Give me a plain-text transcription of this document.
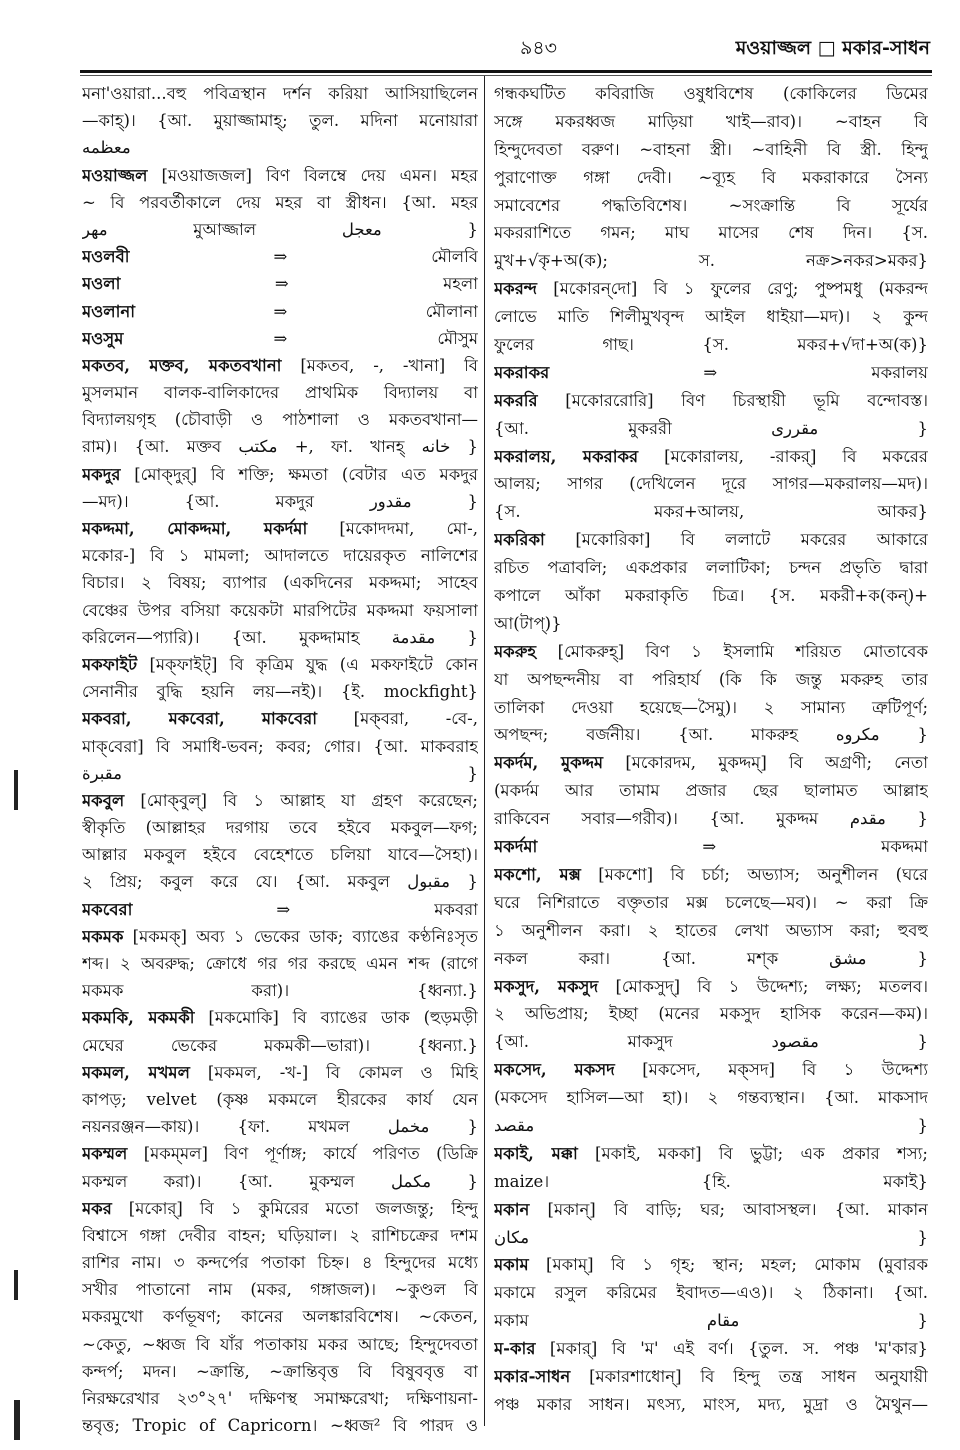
৯৪৩	মওয়াজ্জল □ মকার-সাধন
মনা'ওয়ারা...বহু পবিত্রস্থান দর্শন করিয়া আসিয়াছিলেন
—কাহ্)। {আ. মুয়াজ্জামাহ্; তুল. মদিনা মনোয়ারা
معظمه
মওয়াজ্জল [মওয়াজজল] বিণ বিলম্বে দেয় এমন। মহর
~ বি পরবর্তীকালে দেয় মহর বা স্ত্রীধন। {আ. মহর
مهر মুআজ্জাল معجل }
মওলবী ⇒ মৌলবি
মওলা ⇒ মহলা
মওলানা ⇒ মৌলানা
মওসুম ⇒ মৌসুম
মকতব, মক্তব, মকতবখানা [মকতব, -, -খানা] বি
মুসলমান বালক-বালিকাদের প্রাথমিক বিদ্যালয় বা
বিদ্যালয়গৃহ (চৌবাড়ী ও পাঠশালা ও মকতবখানা—
রাম)। {আ. মক্তব مكتب +, ফা. খানহ্ خانه }
মকদুর [মোক্‌দুর্] বি শক্তি; ক্ষমতা (বেটার এত মকদুর
—মদ)। {আ. মকদুর مقدور }
মকদ্দমা, মোকদ্দমা, মকর্দমা [মকোদদমা, মো-,
মকোর-] বি ১ মামলা; আদালতে দায়েরকৃত নালিশের
বিচার। ২ বিষয়; ব্যাপার (একদিনের মকদ্দমা; সাহেব
বেঞ্চের উপর বসিয়া কয়েকটা মারপিটের মকদ্দমা ফয়সালা
করিলেন—প্যারি)। {আ. মুকদ্দামাহ مقدمة }
মকফাইট [মক্‌ফাইট্] বি কৃত্রিম যুদ্ধ (এ মকফাইটে কোন
সেনানীর বুদ্ধি হয়নি লয়—নই)। {ই. mockfight}
মকবরা, মকবেরা, মাকবেরা [মক্‌বরা, -বে-,
মাক্‌বেরা] বি সমাধি-ভবন; কবর; গোর। {আ. মাকবরাহ
مقبرة }
মকবুল [মোক্‌বুল্] বি ১ আল্লাহ যা গ্রহণ করেছেন;
স্বীকৃতি (আল্লাহর দরগায় তবে হইবে মকবুল—ফগ;
আল্লার মকবুল হইবে বেহেশতে চলিয়া যাবে—সৈহা)।
২ প্রিয়; কবুল করে যে। {আ. মকবুল مقبول }
মকবেরা ⇒ মকবরা
মকমক [মকমক্] অব্য ১ ভেকের ডাক; ব্যাঙের কণ্ঠনিঃসৃত
শব্দ। ২ অবরুদ্ধ; ক্রোধে গর গর করছে এমন শব্দ (রাগে
মকমক করা)। {ধ্বন্যা.}
মকমকি, মকমকী [মকমোকি] বি ব্যাঙের ডাক (হুড়মড়ী
মেঘের ভেকের মকমকী—ভারা)। {ধ্বন্যা.}
মকমল, মখমল [মকমল, -খ-] বি কোমল ও মিহি
কাপড়; velvet (কৃষ্ণ মকমলে হীরকের কার্য যেন
নয়নরঞ্জন—কায়)। {ফা. মখমল مخمل }
মকম্মল [মকম্‌মল] বিণ পূর্ণাঙ্গ; কার্যে পরিণত (ডিক্রি
মকম্মল করা)। {আ. মুকম্মল مكمل }
মকর [মকোর্] বি ১ কুমিরের মতো জলজন্তু; হিন্দু
বিশ্বাসে গঙ্গা দেবীর বাহন; ঘড়িয়াল। ২ রাশিচক্রের দশম
রাশির নাম। ৩ কন্দর্পের পতাকা চিহ্ন। ৪ হিন্দুদের মধ্যে
সখীর পাতানো নাম (মকর, গঙ্গাজল)। ~কুণ্ডল বি
মকরমুখো কর্ণভূষণ; কানের অলঙ্কারবিশেষ। ~কেতন,
~কেতু, ~ধ্বজ বি যাঁর পতাকায় মকর আছে; হিন্দুদেবতা
কন্দর্প; মদন। ~ক্রান্তি, ~ক্রান্তিবৃত্ত বি বিষুববৃত্ত বা
নিরক্ষরেখার ২৩°২৭' দক্ষিণস্থ সমাক্ষরেখা; দক্ষিণায়না-
ন্তবৃত্ত; Tropic of Capricorn। ~ধ্বজ² বি পারদ ও
গন্ধকঘটিত কবিরাজি ওষুধবিশেষ (কোকিলের ডিমের
সঙ্গে মকরধ্বজ মাড়িয়া খাই—রাব)। ~বাহন বি
হিন্দুদেবতা বরুণ। ~বাহনা স্ত্রী। ~বাহিনী বি স্ত্রী. হিন্দু
পুরাণোক্ত গঙ্গা দেবী। ~ব্যূহ বি মকরাকারে সৈন্য
সমাবেশের পদ্ধতিবিশেষ। ~সংক্রান্তি বি সূর্যের
মকররাশিতে গমন; মাঘ মাসের শেষ দিন। {স.
মুখ+√কৃ+অ(ক); স. নক্র>নকর>মকর}
মকরন্দ [মকোরন্‌দো] বি ১ ফুলের রেণু; পুষ্পমধু (মকরন্দ
লোভে মাতি শিলীমুখবৃন্দ আইল ধাইয়া—মদ)। ২ কুন্দ
ফুলের গাছ। {স. মকর+√দা+অ(ক)}
মকরাকর ⇒ মকরালয়
মকররি [মকোররোরি] বিণ চিরস্থায়ী ভূমি বন্দোবস্ত।
{আ. মুকররী مقررى }
মকরালয়, মকরাকর [মকোরালয়, -রাকর্] বি মকরের
আলয়; সাগর (দেখিলেন দূরে সাগর—মকরালয়—মদ)।
{স. মকর+আলয়, আকর}
মকরিকা [মকোরিকা] বি ললাটে মকরের আকারে
রচিত পত্রাবলি; একপ্রকার ললাটিকা; চন্দন প্রভৃতি দ্বারা
কপালে আঁকা মকরাকৃতি চিত্র। {স. মকরী+ক(কন্)+
আ(টাপ্)}
মকরুহ [মোকরুহ্] বিণ ১ ইসলামি শরিয়ত মোতাবেক
যা অপছন্দনীয় বা পরিহার্য (কি কি জন্তু মকরুহ তার
তালিকা দেওয়া হয়েছে—সৈমু)। ২ সামান্য ত্রুটিপূর্ণ;
অপছন্দ; বর্জনীয়। {আ. মাকরুহ مكروه }
মকর্দম, মুকদ্দম [মকোরদম, মুকদ্দম্] বি অগ্রণী; নেতা
(মকর্দম আর তামাম প্রজার ছের ছালামত আল্লাহ
রাকিবেন সবার—গরীব)। {আ. মুকদ্দম مقدم }
মকর্দমা ⇒ মকদ্দমা
মকশো, মক্স [মকশো] বি চর্চা; অভ্যাস; অনুশীলন (ঘরে
ঘরে নিশিরাতে বক্তৃতার মক্স চলেছে—মব)। ~ করা ক্রি
১ অনুশীলন করা। ২ হাতের লেখা অভ্যাস করা; হুবহু
নকল করা। {আ. মশ্‌ক مشق }
মকসুদ, মকসুদ [মোকসুদ্] বি ১ উদ্দেশ্য; লক্ষ্য; মতলব।
২ অভিপ্রায়; ইচ্ছা (মনের মকসুদ হাসিক করেন—কম)।
{আ. মাকসুদ مقصود }
মকসেদ, মকসদ [মকসেদ, মক্‌সদ] বি ১ উদ্দেশ্য
(মকসেদ হাসিল—আ হা)। ২ গন্তব্যস্থান। {আ. মাকসাদ
مقصد }
মকাই, মক্কা [মকাই, মককা] বি ভুট্টা; এক প্রকার শস্য;
maize। {হি. মকাই}
মকান [মকান্] বি বাড়ি; ঘর; আবাসস্থল। {আ. মাকান
مكان }
মকাম [মকাম্] বি ১ গৃহ; স্থান; মহল; মোকাম (মুবারক
মকামে রসুল করিমের ইবাদত—এও)। ২ ঠিকানা। {আ.
মকাম مقام }
ম-কার [মকার্] বি 'ম' এই বর্ণ। {তুল. স. পঞ্চ 'ম'কার}
মকার-সাধন [মকারশাধোন্] বি হিন্দু তন্ত্র সাধন অনুযায়ী
পঞ্চ মকার সাধন। মৎস্য, মাংস, মদ্য, মুদ্রা ও মৈথুন—
